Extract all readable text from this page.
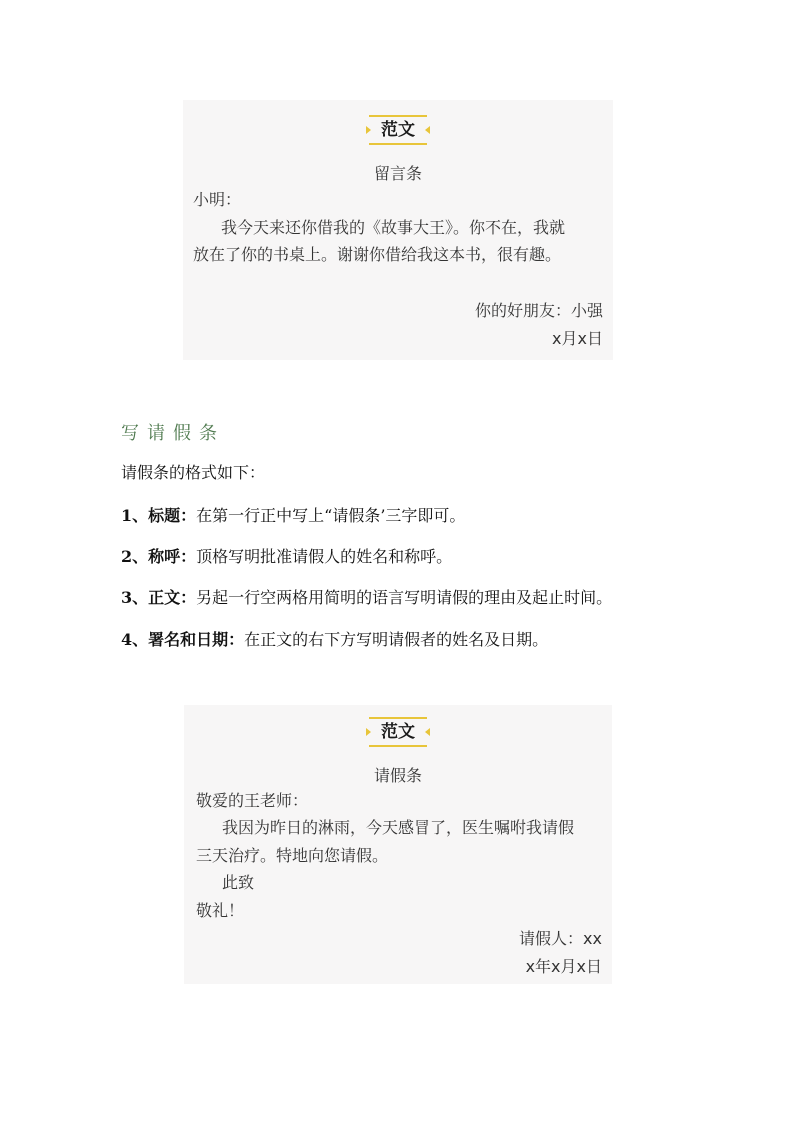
范文
留言条
小明：
我今天来还你借我的《故事大王》。你不在，我就
放在了你的书桌上。谢谢你借给我这本书，很有趣。
你的好朋友：小强
x月x日
写请假条
请假条的格式如下：
1、标题：在第一行正中写上“请假条’三字即可。
2、称呼：顶格写明批准请假人的姓名和称呼。
3、正文：另起一行空两格用简明的语言写明请假的理由及起止时间。
4、署名和日期：在正文的右下方写明请假者的姓名及日期。
范文
请假条
敬爱的王老师：
我因为昨日的淋雨，今天感冒了，医生嘱咐我请假
三天治疗。特地向您请假。
此致
敬礼！
请假人：xx
x年x月x日
